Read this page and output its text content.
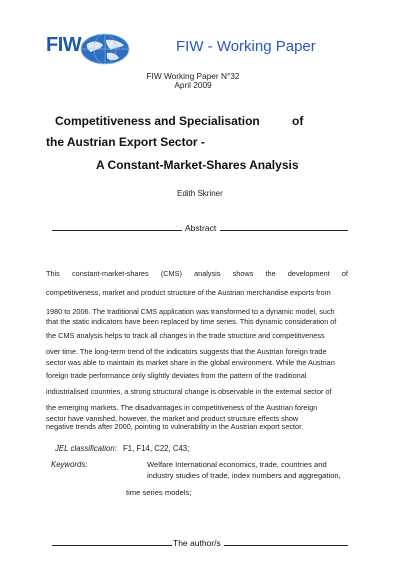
FIW	FIW - Working Paper
FIW Working Paper N°32
April 2009
Competitiveness and Specialisation	of
the Austrian Export Sector -
A Constant-Market-Shares Analysis
Edith Skriner
Abstract
This constant-market-shares (CMS) analysis shows the development of
competitiveness, market and product structure of the Austrian merchandise exports from
1980 to 2006. The traditional CMS application was transformed to a dynamic model, such
that the static indicators have been replaced by time series. This dynamic consideration of
the CMS analysis helps to track all changes in the trade structure and competitiveness
over time. The long-term trend of the indicators suggests that the Austrian foreign trade
sector was able to maintain its market share in the global environment. While the Austrian
foreign trade performance only slightly deviates from the pattern of the traditional
industrialised countries, a strong structural change is observable in the external sector of
the emerging markets. The disadvantages in competitiveness of the Austrian foreign
sector have vanished, however, the market and product structure effects show
negative trends after 2000, pointing to vulnerability in the Austrian export sector.
JEL classification: F1, F14, C22, C43;
Keywords:	Welfare International economics, trade, countries and
industry studies of trade, index numbers and aggregation,
time series models;
The author/s
